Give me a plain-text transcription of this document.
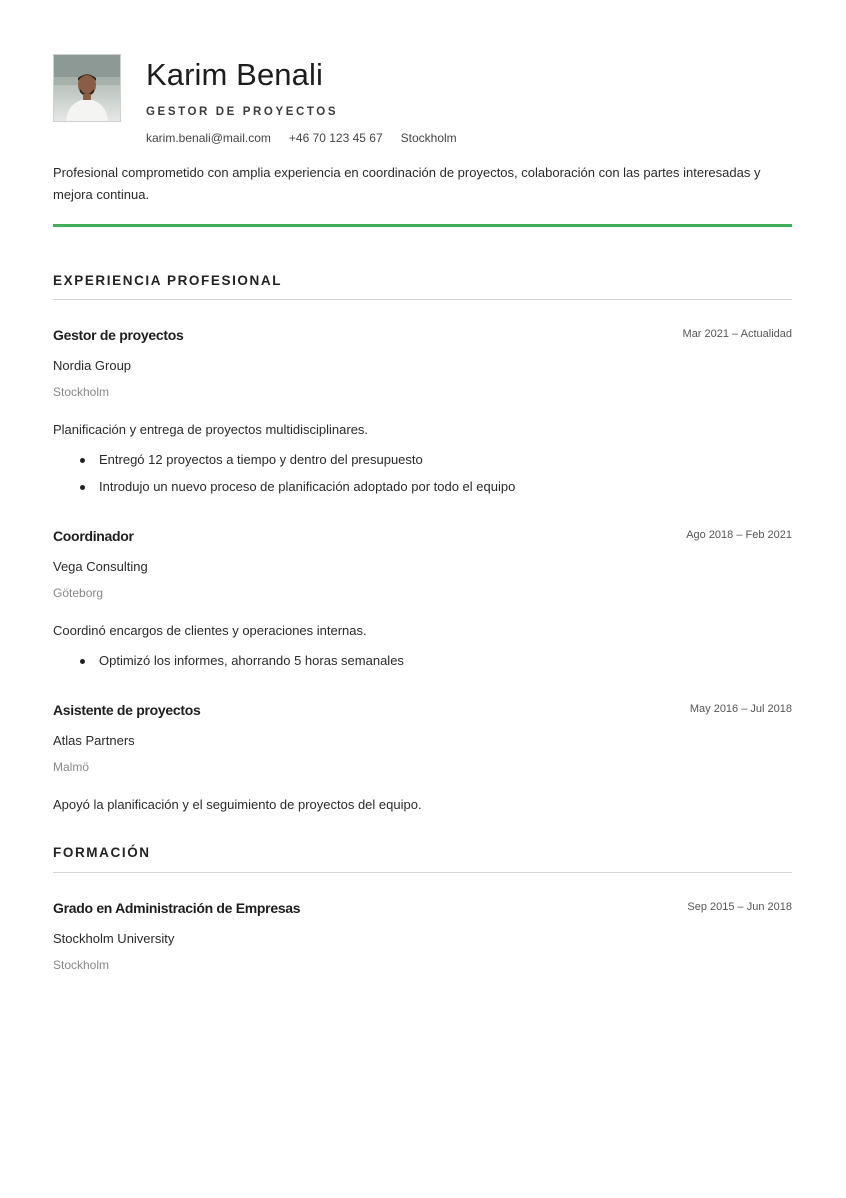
Karim Benali
GESTOR DE PROYECTOS
karim.benali@mail.com +46 70 123 45 67 Stockholm

Profesional comprometido con amplia experiencia en coordinación de proyectos, colaboración con las partes interesadas y mejora continua.

EXPERIENCIA PROFESIONAL
Gestor de proyectos	Mar 2021 – Actualidad
Nordia Group
Stockholm

Planificación y entrega de proyectos multidisciplinares.

Entregó 12 proyectos a tiempo y dentro del presupuesto
Introdujo un nuevo proceso de planificación adoptado por todo el equipo
Coordinador	Ago 2018 – Feb 2021
Vega Consulting
Göteborg

Coordinó encargos de clientes y operaciones internas.

Optimizó los informes, ahorrando 5 horas semanales
Asistente de proyectos	May 2016 – Jul 2018
Atlas Partners
Malmö

Apoyó la planificación y el seguimiento de proyectos del equipo.

FORMACIÓN
Grado en Administración de Empresas	Sep 2015 – Jun 2018
Stockholm University
Stockholm
